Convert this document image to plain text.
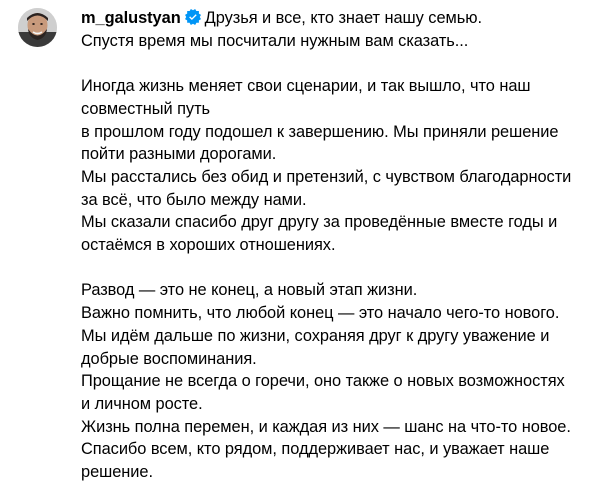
m_galustyan Друзья и все, кто знает нашу семью.
Спустя время мы посчитали нужным вам сказать...
Иногда жизнь меняет свои сценарии, и так вышло, что наш
совместный путь
в прошлом году подошел к завершению. Мы приняли решение
пойти разными дорогами.
Мы расстались без обид и претензий, с чувством благодарности
за всё, что было между нами.
Мы сказали спасибо друг другу за проведённые вместе годы и
остаёмся в хороших отношениях.
Развод — это не конец, а новый этап жизни.
Важно помнить, что любой конец — это начало чего-то нового.
Мы идём дальше по жизни, сохраняя друг к другу уважение и
добрые воспоминания.
Прощание не всегда о горечи, оно также о новых возможностях
и личном росте.
Жизнь полна перемен, и каждая из них — шанс на что-то новое.
Спасибо всем, кто рядом, поддерживает нас, и уважает наше
решение.
